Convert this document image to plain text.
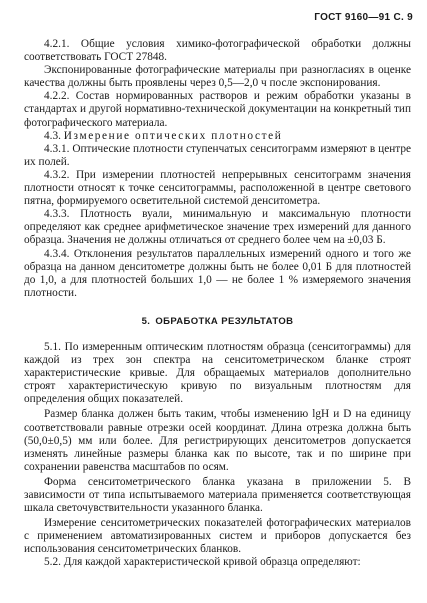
ГОСТ 9160—91 С. 9

4.2.1. Общие условия химико-фотографической обработки должны соответствовать ГОСТ 27848.

Экспонированные фотографические материалы при разногласиях в оценке качества должны быть проявлены через 0,5—2,0 ч после экспонирования.

4.2.2. Состав нормированных растворов и режим обработки указаны в стандартах и другой нормативно-технической документации на конкретный тип фотографического материала.

4.3. Измерение оптических плотностей

4.3.1. Оптические плотности ступенчатых сенситограмм измеряют в центре их полей.

4.3.2. При измерении плотностей непрерывных сенситограмм значения плотности относят к точке сенситограммы, расположенной в центре светового пятна, формируемого осветительной системой денситометра.

4.3.3. Плотность вуали, минимальную и максимальную плотности определяют как среднее арифметическое значение трех измерений для данного образца. Значения не должны отличаться от среднего более чем на ±0,03 Б.

4.3.4. Отклонения результатов параллельных измерений одного и того же образца на данном денситометре должны быть не более 0,01 Б для плотностей до 1,0, а для плотностей больших 1,0 — не более 1 % измеряемого значения плотности.

5. ОБРАБОТКА РЕЗУЛЬТАТОВ

5.1. По измеренным оптическим плотностям образца (сенситограммы) для каждой из трех зон спектра на сенситометрическом бланке строят характеристические кривые. Для обращаемых материалов дополнительно строят характеристическую кривую по визуальным плотностям для определения общих показателей.

Размер бланка должен быть таким, чтобы изменению lgH и D на единицу соответствовали равные отрезки осей координат. Длина отрезка должна быть (50,0±0,5) мм или более. Для регистрирующих денситометров допускается изменять линейные размеры бланка как по высоте, так и по ширине при сохранении равенства масштабов по осям.

Форма сенситометрического бланка указана в приложении 5. В зависимости от типа испытываемого материала применяется соответствующая шкала светочувствительности указанного бланка.

Измерение сенситометрических показателей фотографических материалов с применением автоматизированных систем и приборов допускается без использования сенситометрических бланков.

5.2. Для каждой характеристической кривой образца определяют:
